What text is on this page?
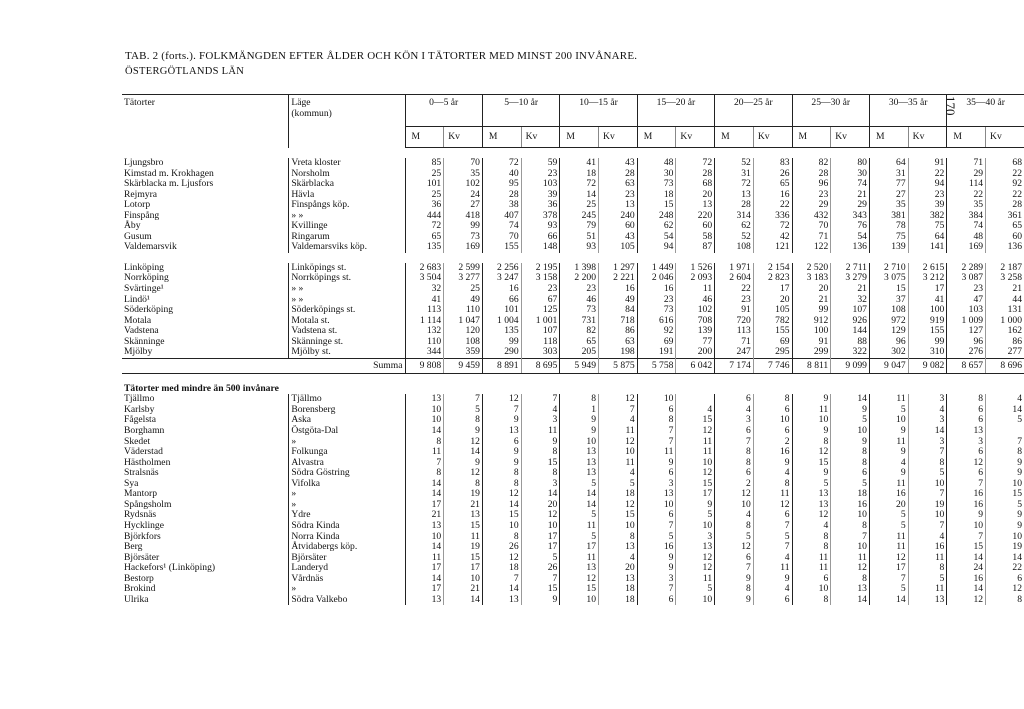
TAB. 2 (forts.). FOLKMÄNGDEN EFTER ÅLDER OCH KÖN I TÄTORTER MED MINST 200 INVÅNARE.
ÖSTERGÖTLANDS LÄN
170
Tätorter	Läge
(kommun)	0—5 år		5—10 år		10—15 år		15—20 år		20—25 år		25—30 år		30—35 år		35—40 år	
		M	Kv	M	Kv	M	Kv	M	Kv	M	Kv	M	Kv	M	Kv	M	Kv

Ljungsbro	Vreta kloster	85	70	72	59	41	43	48	72	52	83	82	80	64	91	71	68
Kimstad m. Krokhagen	Norsholm	25	35	40	23	18	28	30	28	31	26	28	30	31	22	29	22
Skärblacka m. Ljusfors	Skärblacka	101	102	95	103	72	63	73	68	72	65	96	74	77	94	114	92
Rejmyra	Hävla	25	24	28	39	14	23	18	20	13	16	23	21	27	23	22	22
Lotorp	Finspångs köp.	36	27	38	36	25	13	15	13	28	22	29	29	35	39	35	28
Finspång	» »	444	418	407	378	245	240	248	220	314	336	432	343	381	382	384	361
Åby	Kvillinge	72	99	74	93	79	60	62	60	62	72	70	76	78	75	74	65
Gusum	Ringarum	65	73	70	66	51	43	54	58	52	42	71	54	75	64	48	60
Valdemarsvik	Valdemarsviks köp.	135	169	155	148	93	105	94	87	108	121	122	136	139	141	169	136

Linköping	Linköpings st.	2 683	2 599	2 256	2 195	1 398	1 297	1 449	1 526	1 971	2 154	2 520	2 711	2 710	2 615	2 289	2 187
Norrköping	Norrköpings st.	3 504	3 277	3 247	3 158	2 200	2 221	2 046	2 093	2 604	2 823	3 183	3 279	3 075	3 212	3 087	3 258
Svärtinge¹	» »	32	25	16	23	23	16	16	11	22	17	20	21	15	17	23	21
Lindö¹	» »	41	49	66	67	46	49	23	46	23	20	21	32	37	41	47	44
Söderköping	Söderköpings st.	113	110	101	125	73	84	73	102	91	105	99	107	108	100	103	131
Motala	Motala st.	1 114	1 047	1 004	1 001	731	718	616	708	720	782	912	926	972	919	1 009	1 000
Vadstena	Vadstena st.	132	120	135	107	82	86	92	139	113	155	100	144	129	155	127	162
Skänninge	Skänninge st.	110	108	99	118	65	63	69	77	71	69	91	88	96	99	96	86
Mjölby	Mjölby st.	344	359	290	303	205	198	191	200	247	295	299	322	302	310	276	277
Summa		9 808	9 459	8 891	8 695	5 949	5 875	5 758	6 042	7 174	7 746	8 811	9 099	9 047	9 082	8 657	8 696
Tätorter med mindre än 500 invånare																	
Tjällmo	Tjällmo	13	7	12	7	8	12	10		6	8	9	14	11	3	8	4
Karlsby	Borensberg	10	5	7	4	1	7	6	4	4	6	11	9	5	4	6	14
Fågelsta	Aska	10	8	9	3	9	4	8	15	3	10	10	5	10	3	6	5
Borghamn	Östgöta-Dal	14	9	13	11	9	11	7	12	6	6	9	10	9	14	13	
Skedet	»	8	12	6	9	10	12	7	11	7	2	8	9	11	3	3	7
Väderstad	Folkunga	11	14	9	8	13	10	11	11	8	16	12	8	9	7	6	8
Hästholmen	Alvastra	7	9	9	15	13	11	9	10	8	9	15	8	4	8	12	9
Stralsnäs	Södra Göstring	8	12	8	8	13	4	6	12	6	4	9	6	9	5	6	9
Sya	Vifolka	14	8	8	3	5	5	3	15	2	8	5	5	11	10	7	10
Mantorp	»	14	19	12	14	14	18	13	17	12	11	13	18	16	7	16	15
Spångsholm	»	17	21	14	20	14	12	10	9	10	12	13	16	20	19	16	5
Rydsnäs	Ydre	21	13	15	12	5	15	6	5	4	6	12	10	5	10	9	9
Hycklinge	Södra Kinda	13	15	10	10	11	10	7	10	8	7	4	8	5	7	10	9
Björkfors	Norra Kinda	10	11	8	17	5	8	5	3	5	5	8	7	11	4	7	10
Berg	Åtvidabergs köp.	14	19	26	17	17	13	16	13	12	7	8	10	11	16	15	19
Björsäter	Björsäter	11	15	12	5	11	4	9	12	6	4	11	11	12	11	14	14
Hackefors¹ (Linköping)	Landeryd	17	17	18	26	13	20	9	12	7	11	11	12	17	8	24	22
Bestorp	Vårdnäs	14	10	7	7	12	13	3	11	9	9	6	8	7	5	16	6
Brokind	»	17	21	14	15	15	18	7	5	8	4	10	13	5	11	14	12
Ulrika	Södra Valkebo	13	14	13	9	10	18	6	10	9	6	8	14	14	13	12	8
